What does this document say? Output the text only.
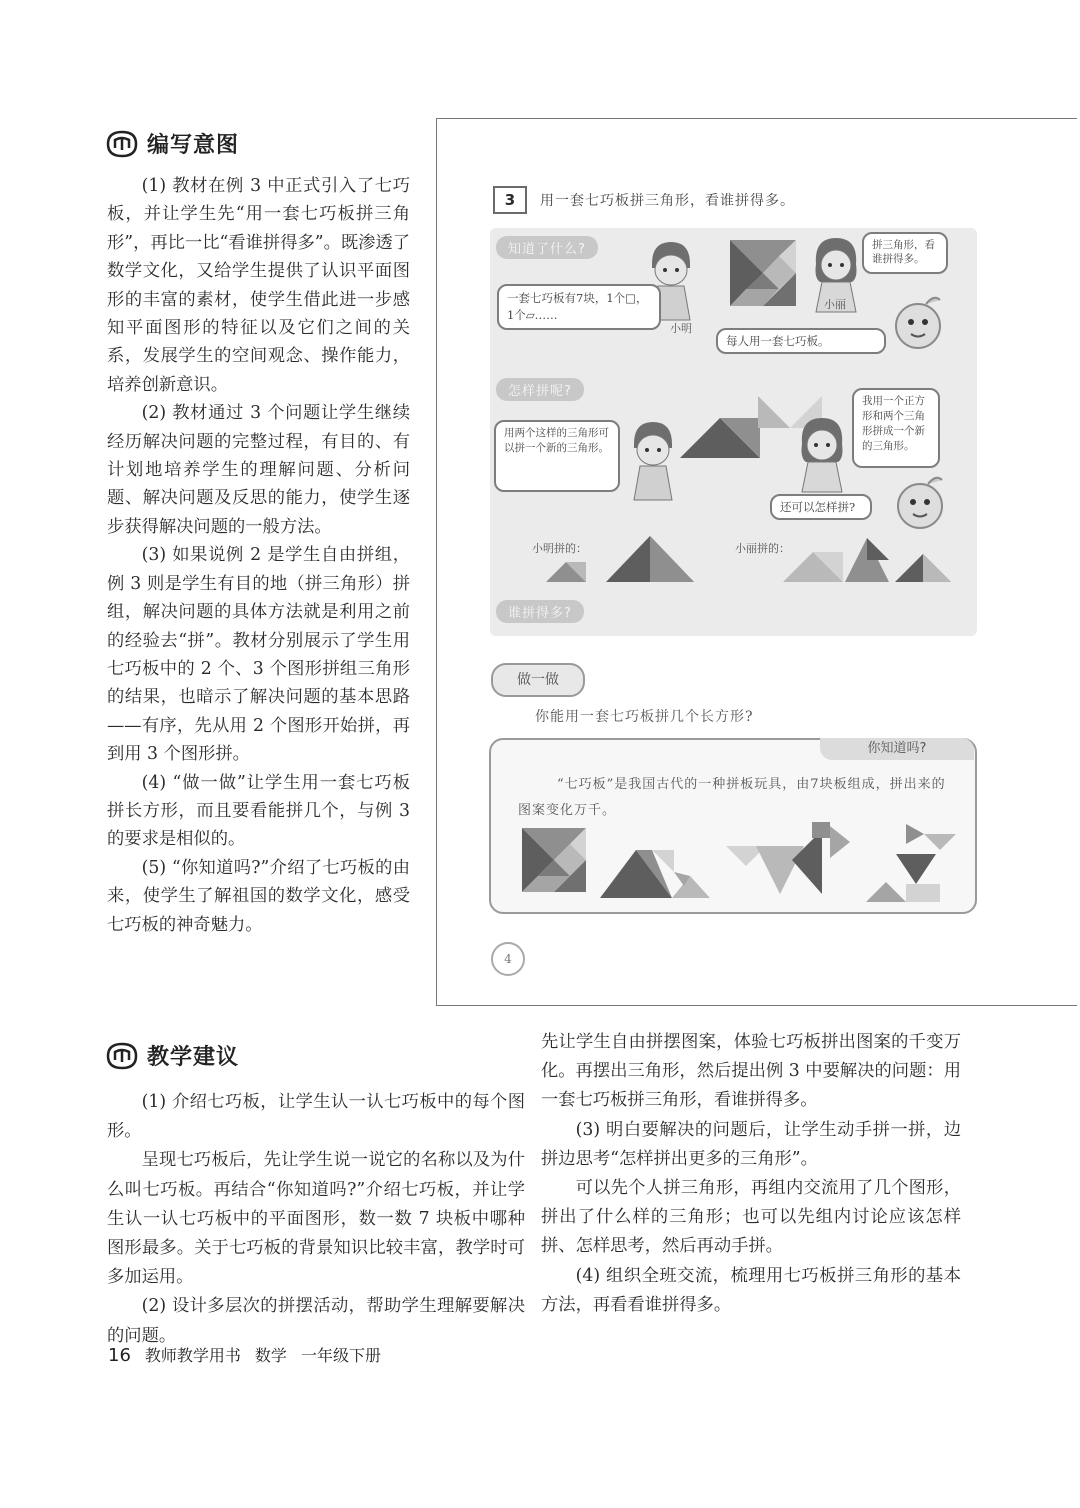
编写意图

(1) 教材在例 3 中正式引入了七巧板，并让学生先“用一套七巧板拼三角形”，再比一比“看谁拼得多”。既渗透了数学文化，又给学生提供了认识平面图形的丰富的素材，使学生借此进一步感知平面图形的特征以及它们之间的关系，发展学生的空间观念、操作能力，培养创新意识。

(2) 教材通过 3 个问题让学生继续经历解决问题的完整过程，有目的、有计划地培养学生的理解问题、分析问题、解决问题及反思的能力，使学生逐步获得解决问题的一般方法。

(3) 如果说例 2 是学生自由拼组，例 3 则是学生有目的地（拼三角形）拼组，解决问题的具体方法就是利用之前的经验去“拼”。教材分别展示了学生用七巧板中的 2 个、3 个图形拼组三角形的结果，也暗示了解决问题的基本思路——有序，先从用 2 个图形开始拼，再到用 3 个图形拼。

(4) “做一做”让学生用一套七巧板拼长方形，而且要看能拼几个，与例 3 的要求是相似的。

(5) “你知道吗?”介绍了七巧板的由来，使学生了解祖国的数学文化，感受七巧板的神奇魅力。

3	用一套七巧板拼三角形，看谁拼得多。
知道了什么?	拼三角形，看谁拼得多。
一套七巧板有7块，1个□，1个▱……
小明
小丽
每人用一套七巧板。
怎样拼呢?
用两个这样的三角形可以拼一个新的三角形。
我用一个正方形和两个三角形拼成一个新的三角形。
还可以怎样拼?
小明拼的：	小丽拼的：
谁拼得多?
做一做
你能用一套七巧板拼几个长方形?
你知道吗?
“七巧板”是我国古代的一种拼板玩具，由7块板组成，拼出来的图案变化万千。
4
教学建议

(1) 介绍七巧板，让学生认一认七巧板中的每个图形。

呈现七巧板后，先让学生说一说它的名称以及为什么叫七巧板。再结合“你知道吗?”介绍七巧板，并让学生认一认七巧板中的平面图形，数一数 7 块板中哪种图形最多。关于七巧板的背景知识比较丰富，教学时可多加运用。

(2) 设计多层次的拼摆活动，帮助学生理解要解决的问题。

先让学生自由拼摆图案，体验七巧板拼出图案的千变万化。再摆出三角形，然后提出例 3 中要解决的问题：用一套七巧板拼三角形，看谁拼得多。

(3) 明白要解决的问题后，让学生动手拼一拼，边拼边思考“怎样拼出更多的三角形”。

可以先个人拼三角形，再组内交流用了几个图形，拼出了什么样的三角形；也可以先组内讨论应该怎样拼、怎样思考，然后再动手拼。

(4) 组织全班交流，梳理用七巧板拼三角形的基本方法，再看看谁拼得多。

16 教师教学用书 数学 一年级下册
